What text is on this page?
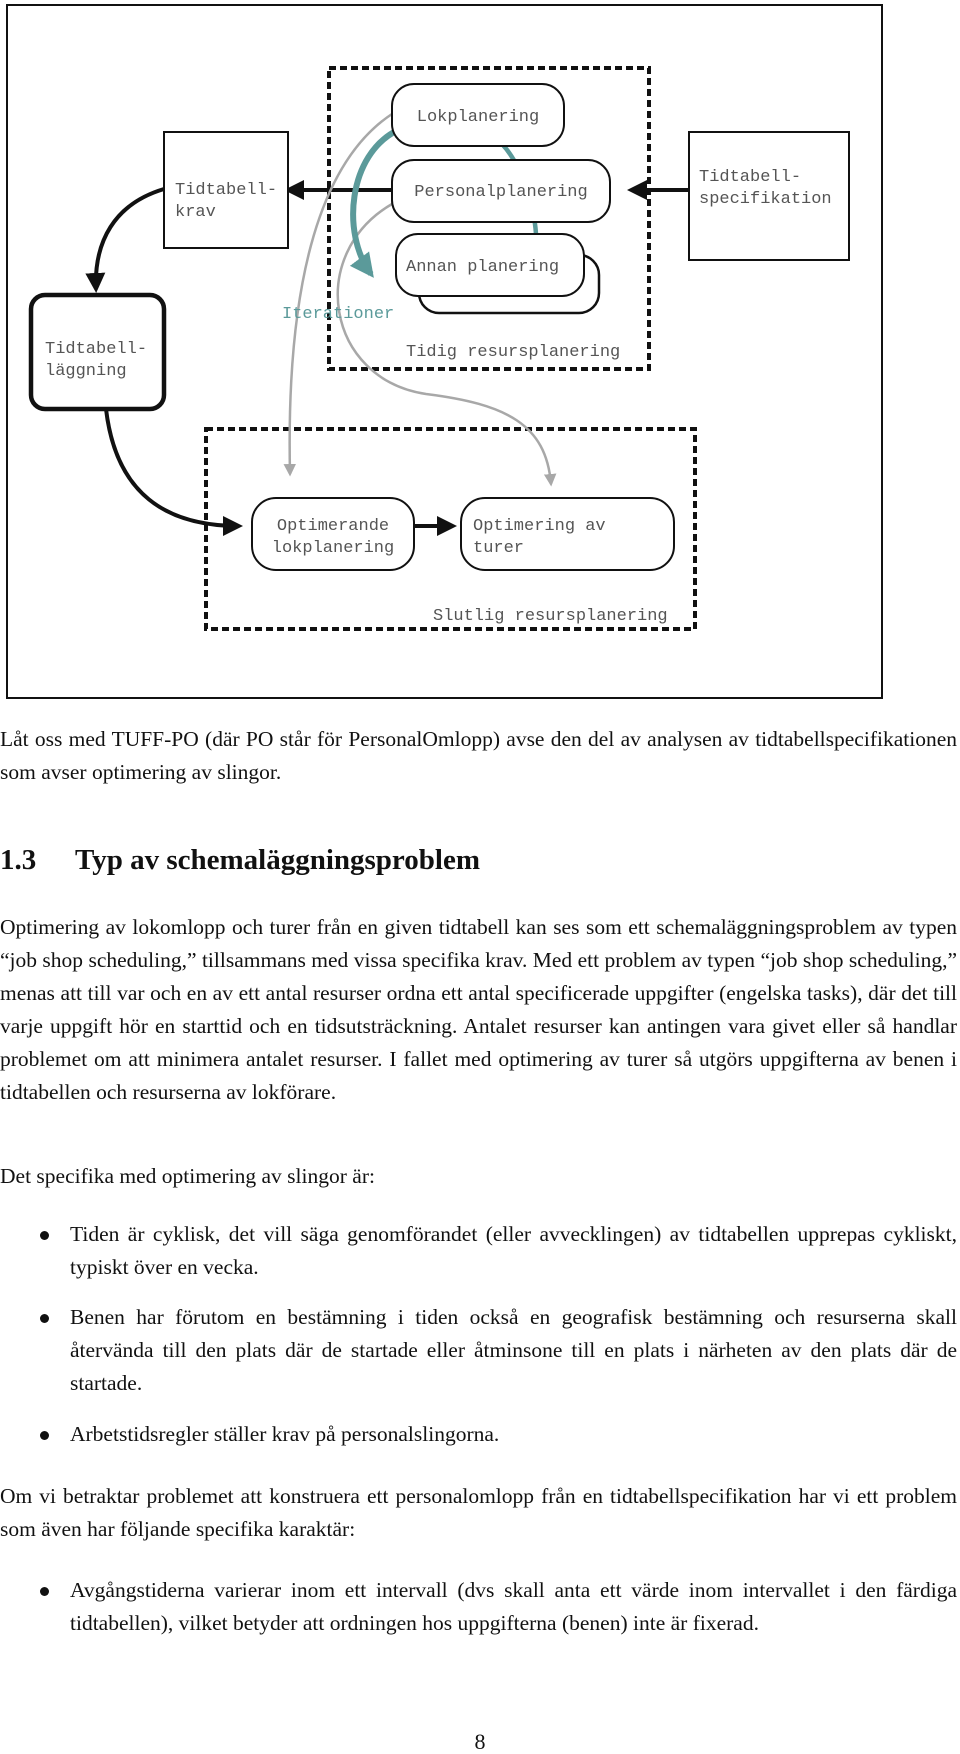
Tidtabell-
krav
Tidtabell-
specifikation
Tidtabell-
läggning
Lokplanering
Personalplanering
Annan planering
Optimerande
lokplanering
Optimering av
turer
Iterationer
Tidig resursplanering
Slutlig resursplanering
Låt oss med TUFF-PO (där PO står för PersonalOmlopp) avse den del av analysen av tidtabellspecifikationen som avser optimering av slingor.
1.3 Typ av schemaläggningsproblem
Optimering av lokomlopp och turer från en given tidtabell kan ses som ett schemaläggningsproblem av typen “job shop scheduling,” tillsammans med vissa specifika krav. Med ett problem av typen “job shop scheduling,” menas att till var och en av ett antal resurser ordna ett antal specificerade uppgifter (engelska tasks), där det till varje uppgift hör en starttid och en tidsutsträckning. Antalet resurser kan antingen vara givet eller så handlar problemet om att minimera antalet resurser. I fallet med optimering av turer så utgörs uppgifterna av benen i tidtabellen och resurserna av lokförare.
Det specifika med optimering av slingor är:
Tiden är cyklisk, det vill säga genomförandet (eller avvecklingen) av tidtabellen upprepas cykliskt, typiskt över en vecka.
Benen har förutom en bestämning i tiden också en geografisk bestämning och resurserna skall återvända till den plats där de startade eller åtminsone till en plats i närheten av den plats där de startade.
Arbetstidsregler ställer krav på personalslingorna.
Om vi betraktar problemet att konstruera ett personalomlopp från en tidtabellspecifikation har vi ett problem som även har följande specifika karaktär:
Avgångstiderna varierar inom ett intervall (dvs skall anta ett värde inom intervallet i den färdiga tidtabellen), vilket betyder att ordningen hos uppgifterna (benen) inte är fixerad.
8
